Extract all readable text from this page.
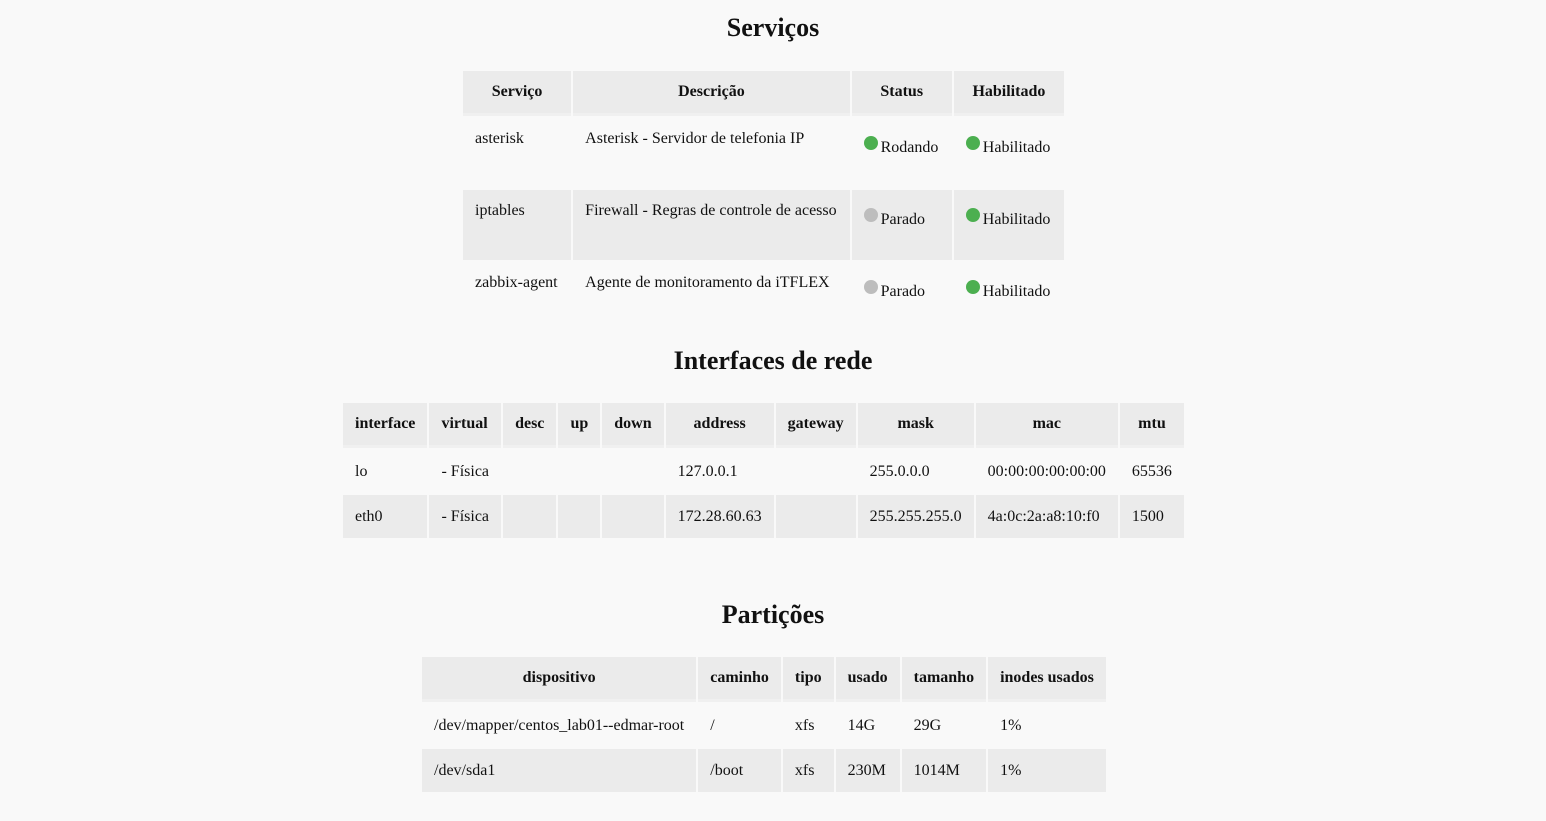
Serviços
Serviço	Descrição	Status	Habilitado
asterisk	Asterisk - Servidor de telefonia IP	Rodando	Habilitado
iptables	Firewall - Regras de controle de acesso	Parado	Habilitado
zabbix-agent	Agente de monitoramento da iTFLEX	Parado	Habilitado
Interfaces de rede
interface	virtual	desc	up	down	address	gateway	mask	mac	mtu
lo	- Física				127.0.0.1		255.0.0.0	00:00:00:00:00:00	65536
eth0	- Física				172.28.60.63		255.255.255.0	4a:0c:2a:a8:10:f0	1500
Partições
dispositivo	caminho	tipo	usado	tamanho	inodes usados
/dev/mapper/centos_lab01--edmar-root	/	xfs	14G	29G	1%
/dev/sda1	/boot	xfs	230M	1014M	1%
